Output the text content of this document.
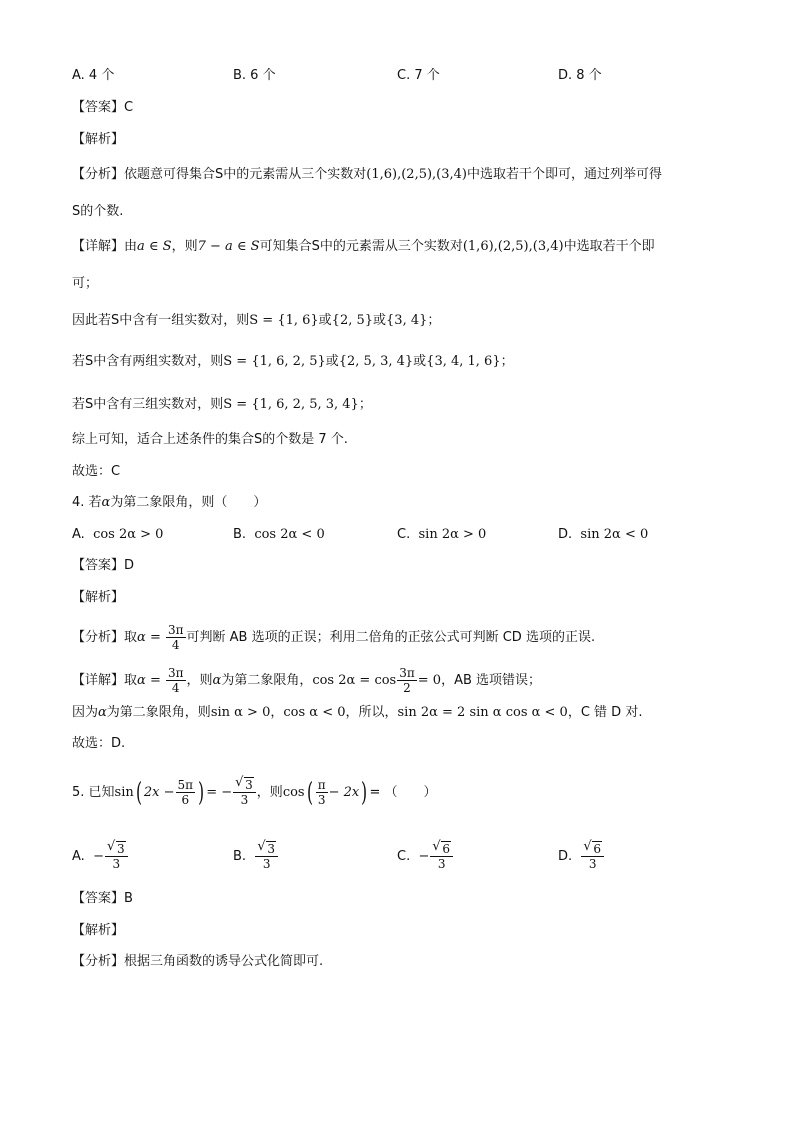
A. 4 个	B. 6 个	C. 7 个	D. 8 个
【答案】C
【解析】
【分析】依题意可得集合S中的元素需从三个实数对(1,6),(2,5),(3,4)中选取若干个即可，通过列举可得
S的个数.
【详解】由a ∈ S，则7 − a ∈ S可知集合S中的元素需从三个实数对(1,6),(2,5),(3,4)中选取若干个即
可；
因此若S中含有一组实数对，则S = {1, 6}或{2, 5}或{3, 4}；
若S中含有两组实数对，则S = {1, 6, 2, 5}或{2, 5, 3, 4}或{3, 4, 1, 6}；
若S中含有三组实数对，则S = {1, 6, 2, 5, 3, 4}；
综上可知，适合上述条件的集合S的个数是 7 个.
故选：C
4. 若α为第二象限角，则（　　）
A. cos 2α > 0	B. cos 2α < 0	C. sin 2α > 0	D. sin 2α < 0
【答案】D
【解析】
【分析】取$\alpha = \frac{3\pi}{4}$ 可判断 AB 选项的正误；利用二倍角的正弦公式可判断 CD 选项的正误.
【详解】取$\alpha = \frac{3\pi}{4}$ ，则α为第二象限角，$\cos 2\alpha = \cos \frac{3\pi}{2} = 0$，AB 选项错误；
因为α为第二象限角，则sin α > 0，cos α < 0，所以，sin 2α = 2 sin α cos α < 0，C 错 D 对.
故选：D.
5. 已知sin( $2x - \frac{5\pi}{6}$ ) = − √ $\frac{3}{3}$ ，则$\cos( \frac{\pi}{3} - 2x)$ = （　　）
A. − √ $\frac{3}{3}$	B. √ $\frac{3}{3}$	C. − √ $\frac{6}{3}$	D. √ $\frac{6}{3}$
【答案】B
【解析】
【分析】根据三角函数的诱导公式化简即可.
